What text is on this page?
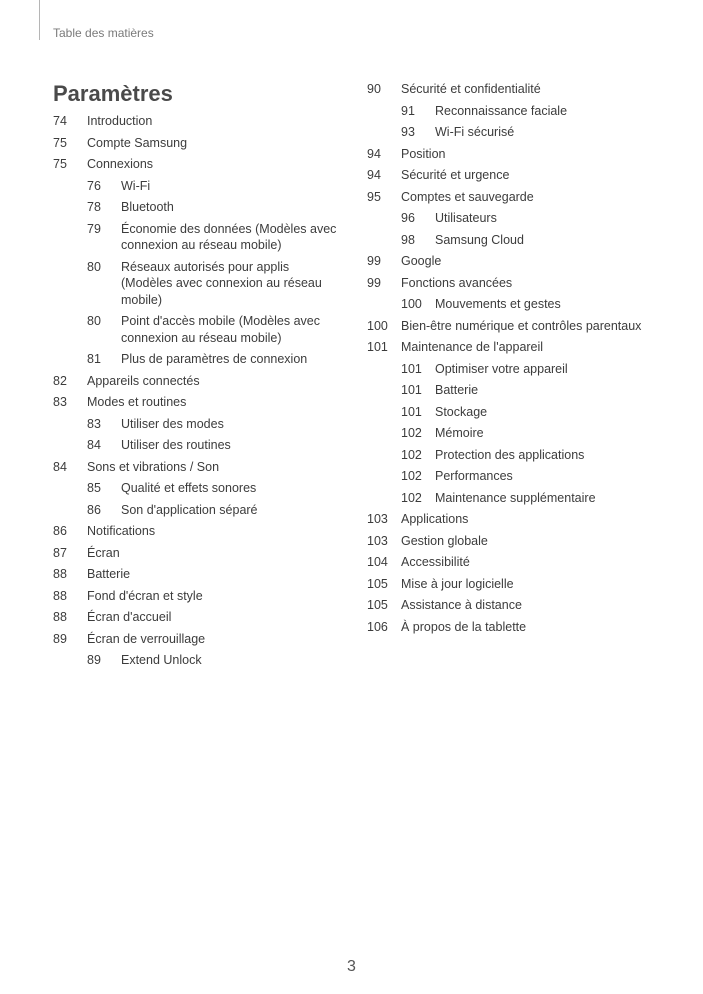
Table des matières
Paramètres
74	Introduction
75	Compte Samsung
75	Connexions
76	Wi-Fi
78	Bluetooth
79	Économie des données (Modèles avec connexion au réseau mobile)
80	Réseaux autorisés pour applis (Modèles avec connexion au réseau mobile)
80	Point d'accès mobile (Modèles avec connexion au réseau mobile)
81	Plus de paramètres de connexion
82	Appareils connectés
83	Modes et routines
83	Utiliser des modes
84	Utiliser des routines
84	Sons et vibrations / Son
85	Qualité et effets sonores
86	Son d'application séparé
86	Notifications
87	Écran
88	Batterie
88	Fond d'écran et style
88	Écran d'accueil
89	Écran de verrouillage
89	Extend Unlock
90	Sécurité et confidentialité
91	Reconnaissance faciale
93	Wi-Fi sécurisé
94	Position
94	Sécurité et urgence
95	Comptes et sauvegarde
96	Utilisateurs
98	Samsung Cloud
99	Google
99	Fonctions avancées
100	Mouvements et gestes
100	Bien-être numérique et contrôles parentaux
101	Maintenance de l'appareil
101	Optimiser votre appareil
101	Batterie
101	Stockage
102	Mémoire
102	Protection des applications
102	Performances
102	Maintenance supplémentaire
103	Applications
103	Gestion globale
104	Accessibilité
105	Mise à jour logicielle
105	Assistance à distance
106	À propos de la tablette
3
